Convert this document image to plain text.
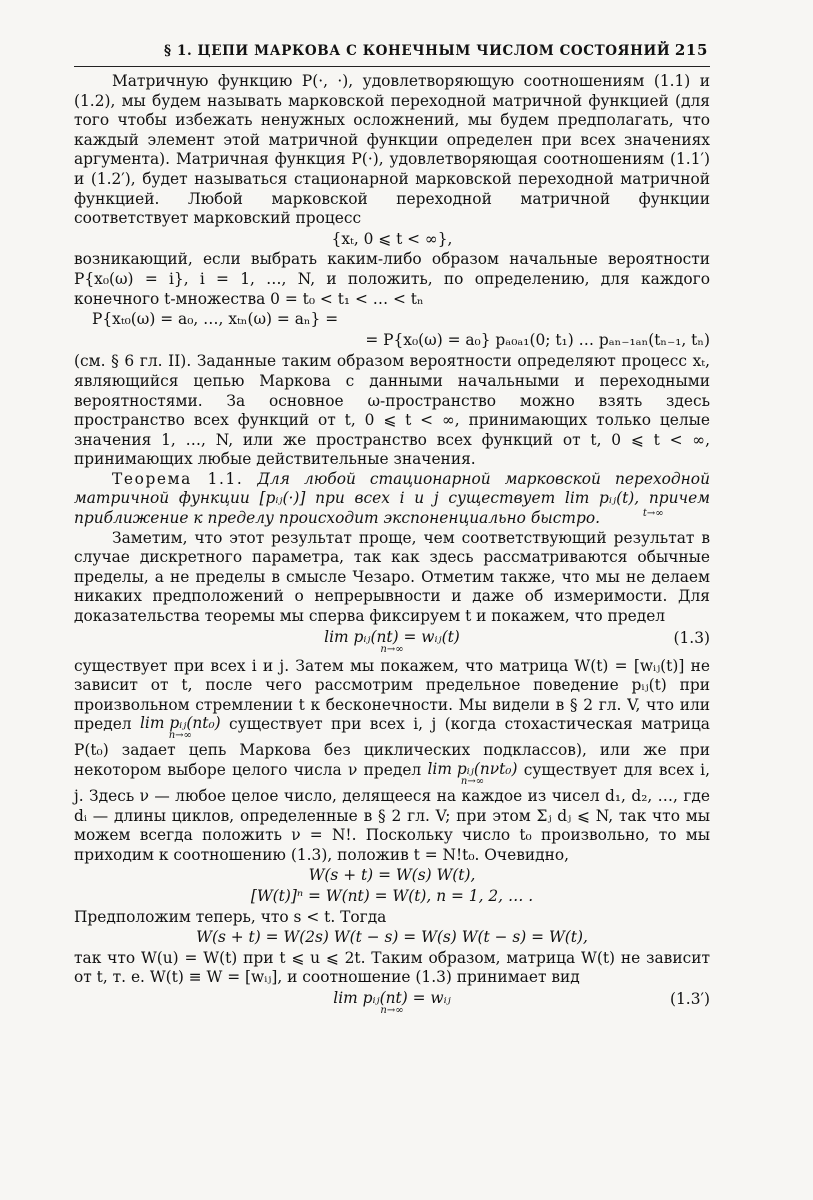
§ 1. ЦЕПИ МАРКОВА С КОНЕЧНЫМ ЧИСЛОМ СОСТОЯНИЙ 215

Матричную функцию P(·, ·), удовлетворяющую соотношениям (1.1) и (1.2), мы будем называть марковской переходной матричной функцией (для того чтобы избежать ненужных осложнений, мы будем предполагать, что каждый элемент этой матричной функции определен при всех значениях аргумента). Матричная функция P(·), удовлетворяющая соотношениям (1.1′) и (1.2′), будет называться стационарной марковской переходной матричной функцией. Любой марковской переходной матричной функции соответствует марковский процесс

{xₜ, 0 ⩽ t < ∞},

возникающий, если выбрать каким-либо образом начальные вероятности P{x₀(ω) = i}, i = 1, …, N, и положить, по определению, для каждого конечного t-множества 0 = t₀ < t₁ < … < tₙ

P{xₜ₀(ω) = a₀, …, xₜₙ(ω) = aₙ} =
= P{x₀(ω) = a₀} pₐ₀ₐ₁(0; t₁) … pₐₙ₋₁ₐₙ(tₙ₋₁, tₙ)

(см. § 6 гл. II). Заданные таким образом вероятности определяют процесс xₜ, являющийся цепью Маркова с данными начальными и переходными вероятностями. За основное ω-пространство можно взять здесь пространство всех функций от t, 0 ⩽ t < ∞, принимающих только целые значения 1, …, N, или же пространство всех функций от t, 0 ⩽ t < ∞, принимающих любые действительные значения.

Теорема 1.1. Для любой стационарной марковской переходной матричной функции [pᵢⱼ(·)] при всех i и j существует lim pᵢⱼ(t), причем приближение к пределу происходит экспоненциально быстро.	t→∞

Заметим, что этот результат проще, чем соответствующий результат в случае дискретного параметра, так как здесь рассматриваются обычные пределы, а не пределы в смысле Чезаро. Отметим также, что мы не делаем никаких предположений о непрерывности и даже об измеримости. Для доказательства теоремы мы сперва фиксируем t и покажем, что предел

lim pᵢⱼ(nt) = wᵢⱼ(t)
n→∞
(1.3)

существует при всех i и j. Затем мы покажем, что матрица W(t) = [wᵢⱼ(t)] не зависит от t, после чего рассмотрим предельное поведение pᵢⱼ(t) при произвольном стремлении t к бесконечности. Мы видели в § 2 гл. V, что или предел lim pᵢⱼ(nt₀)
n→∞
существует при всех i, j (когда стохастическая матрица P(t₀) задает цепь Маркова без циклических подклассов), или же при некотором выборе целого числа ν предел lim pᵢⱼ(nνt₀)
n→∞
существует для всех i, j. Здесь ν — любое целое число, делящееся на каждое из чисел d₁, d₂, …, где dᵢ — длины циклов, определенные в § 2 гл. V; при этом Σⱼ dⱼ ⩽ N, так что мы можем всегда положить ν = N!. Поскольку число t₀ произвольно, то мы приходим к соотношению (1.3), положив t = N!t₀. Очевидно,

W(s + t) = W(s) W(t),
[W(t)]ⁿ = W(nt) = W(t), n = 1, 2, … .

Предположим теперь, что s < t. Тогда

W(s + t) = W(2s) W(t − s) = W(s) W(t − s) = W(t),

так что W(u) = W(t) при t ⩽ u ⩽ 2t. Таким образом, матрица W(t) не зависит от t, т. е. W(t) ≡ W = [wᵢⱼ], и соотношение (1.3) принимает вид

lim pᵢⱼ(nt) = wᵢⱼ
n→∞
(1.3′)
